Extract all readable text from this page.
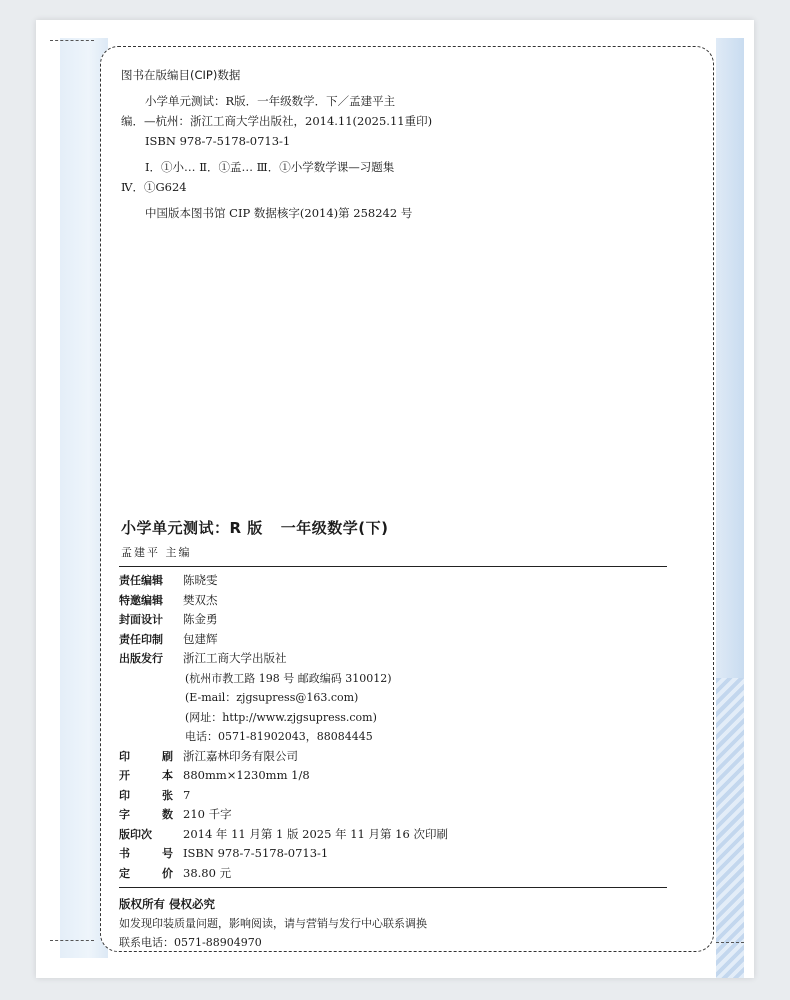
图书在版编目(CIP)数据
小学单元测试：R版．一年级数学．下／孟建平主
编．—杭州：浙江工商大学出版社，2014.11(2025.11重印)
ISBN 978-7-5178-0713-1
Ⅰ．①小… Ⅱ．①孟… Ⅲ．①小学数学课—习题集
Ⅳ．①G624
中国版本图书馆 CIP 数据核字(2014)第 258242 号
小学单元测试：R 版 一年级数学(下)
孟建平 主编
责任编辑	陈晓雯
特邀编辑	樊双杰
封面设计	陈金勇
责任印制	包建辉
出版发行	浙江工商大学出版社
(杭州市教工路 198 号 邮政编码 310012)
(E-mail：zjgsupress@163.com)
(网址：http://www.zjgsupress.com)
电话：0571-81902043，88084445
印	刷 浙江嘉林印务有限公司
开	本 880mm×1230mm 1/8
印	张 7
字	数 210 千字
版印次	2014 年 11 月第 1 版 2025 年 11 月第 16 次印刷
书	号 ISBN 978-7-5178-0713-1
定	价 38.80 元
版权所有 侵权必究
如发现印装质量问题，影响阅读，请与营销与发行中心联系调换
联系电话：0571-88904970
